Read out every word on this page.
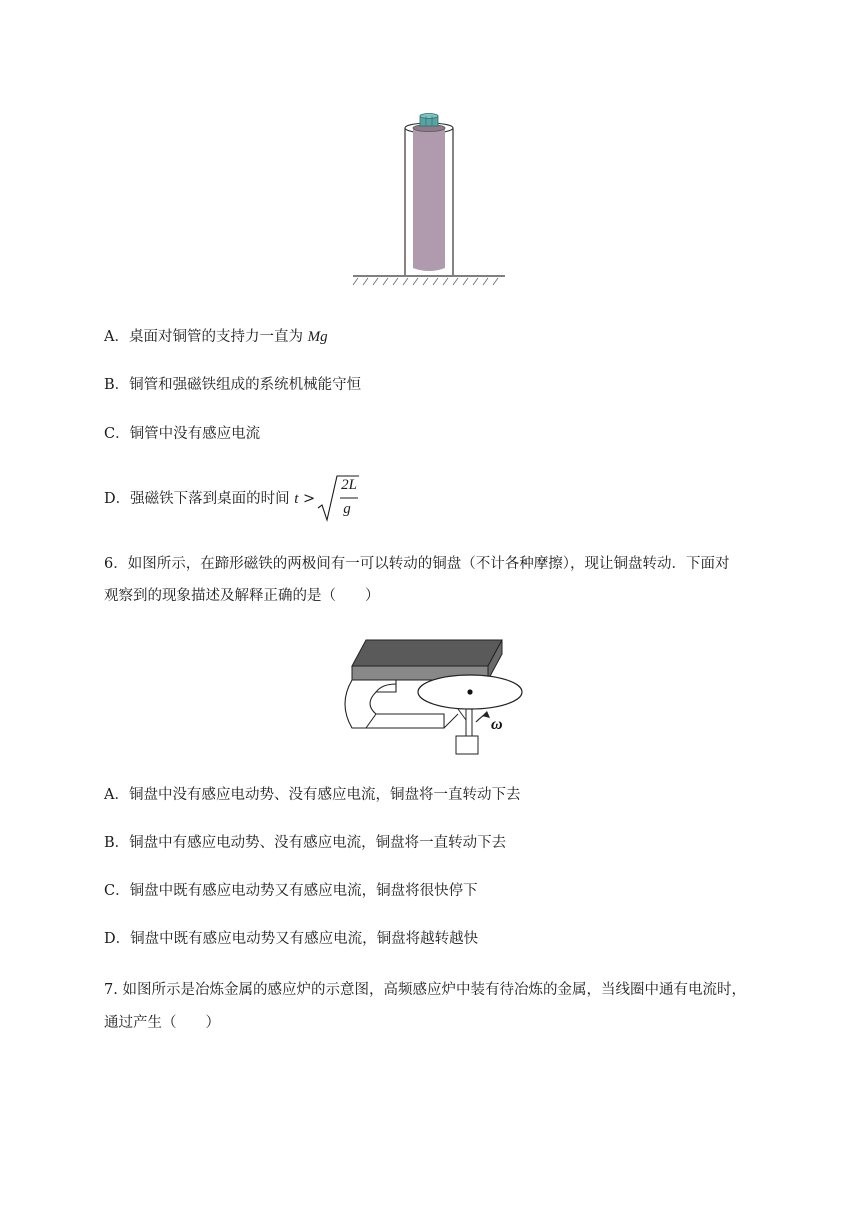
A．桌面对铜管的支持力一直为 Mg
B．铜管和强磁铁组成的系统机械能守恒
C．铜管中没有感应电流
D．强磁铁下落到桌面的时间 t >
2L
g
6．如图所示，在蹄形磁铁的两极间有一可以转动的铜盘（不计各种摩擦），现让铜盘转动．下面对
观察到的现象描述及解释正确的是（　　）
ω
A．铜盘中没有感应电动势、没有感应电流，铜盘将一直转动下去
B．铜盘中有感应电动势、没有感应电流，铜盘将一直转动下去
C．铜盘中既有感应电动势又有感应电流，铜盘将很快停下
D．铜盘中既有感应电动势又有感应电流，铜盘将越转越快
7. 如图所示是冶炼金属的感应炉的示意图，高频感应炉中装有待冶炼的金属，当线圈中通有电流时，
通过产生（　　）
